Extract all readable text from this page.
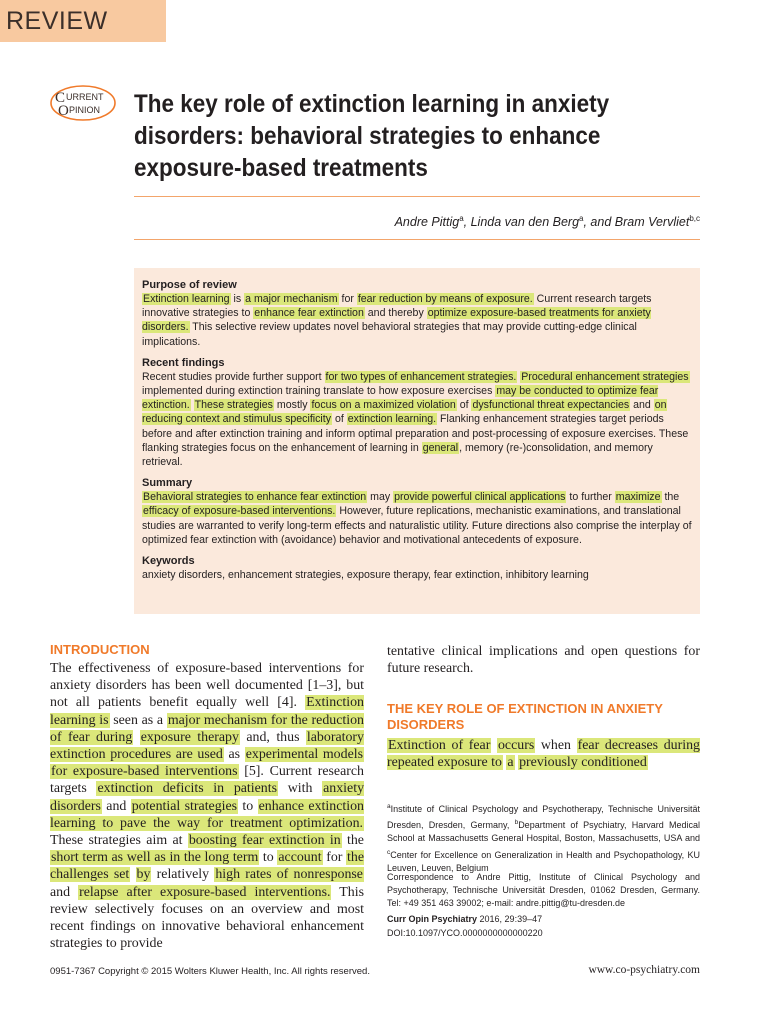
REVIEW
C URRENT
O PINION The key role of extinction learning in anxiety disorders: behavioral strategies to enhance exposure-based treatments
Andre Pittig$^a$, Linda van den Berg$^a$, and Bram Vervliet$^{b,c}$
Purpose of review

Extinction learning is a major mechanism for fear reduction by means of exposure. Current research targets innovative strategies to enhance fear extinction and thereby optimize exposure-based treatments for anxiety disorders. This selective review updates novel behavioral strategies that may provide cutting-edge clinical implications.

Recent findings

Recent studies provide further support for two types of enhancement strategies. Procedural enhancement strategies implemented during extinction training translate to how exposure exercises may be conducted to optimize fear extinction. These strategies mostly focus on a maximized violation of dysfunctional threat expectancies and on reducing context and stimulus specificity of extinction learning. Flanking enhancement strategies target periods before and after extinction training and inform optimal preparation and post-processing of exposure exercises. These flanking strategies focus on the enhancement of learning in general, memory (re-)consolidation, and memory retrieval.

Summary

Behavioral strategies to enhance fear extinction may provide powerful clinical applications to further maximize the efficacy of exposure-based interventions. However, future replications, mechanistic examinations, and translational studies are warranted to verify long-term effects and naturalistic utility. Future directions also comprise the interplay of optimized fear extinction with (avoidance) behavior and motivational antecedents of exposure.

Keywords

anxiety disorders, enhancement strategies, exposure therapy, fear extinction, inhibitory learning

INTRODUCTION

The effectiveness of exposure-based interventions for anxiety disorders has been well documented [1–3], but not all patients benefit equally well [4]. Extinction learning is seen as a major mechanism for the reduction of fear during exposure therapy and, thus laboratory extinction procedures are used as experimental models for exposure-based interventions [5]. Current research targets extinction deficits in patients with anxiety disorders and potential strategies to enhance extinction learning to pave the way for treatment optimization. These strategies aim at boosting fear extinction in the short term as well as in the long term to account for the challenges set by relatively high rates of nonresponse and relapse after exposure-based interventions. This review selectively focuses on an overview and most recent findings on innovative behavioral enhancement strategies to provide

tentative clinical implications and open questions for future research.

THE KEY ROLE OF EXTINCTION IN ANXIETY DISORDERS

Extinction of fear occurs when fear decreases during repeated exposure to a previously conditioned

$^a$Institute of Clinical Psychology and Psychotherapy, Technische Universität Dresden, Dresden, Germany, $^b$Department of Psychiatry, Harvard Medical School at Massachusetts General Hospital, Boston, Massachusetts, USA and $^c$Center for Excellence on Generalization in Health and Psychopathology, KU Leuven, Leuven, Belgium

Correspondence to Andre Pittig, Institute of Clinical Psychology and Psychotherapy, Technische Universität Dresden, 01062 Dresden, Germany. Tel: +49 351 463 39002; e-mail: andre.pittig@tu-dresden.de

Curr Opin Psychiatry 2016, 29:39–47
DOI:10.1097/YCO.0000000000000220
0951-7367 Copyright © 2015 Wolters Kluwer Health, Inc. All rights reserved.	www.co-psychiatry.com
